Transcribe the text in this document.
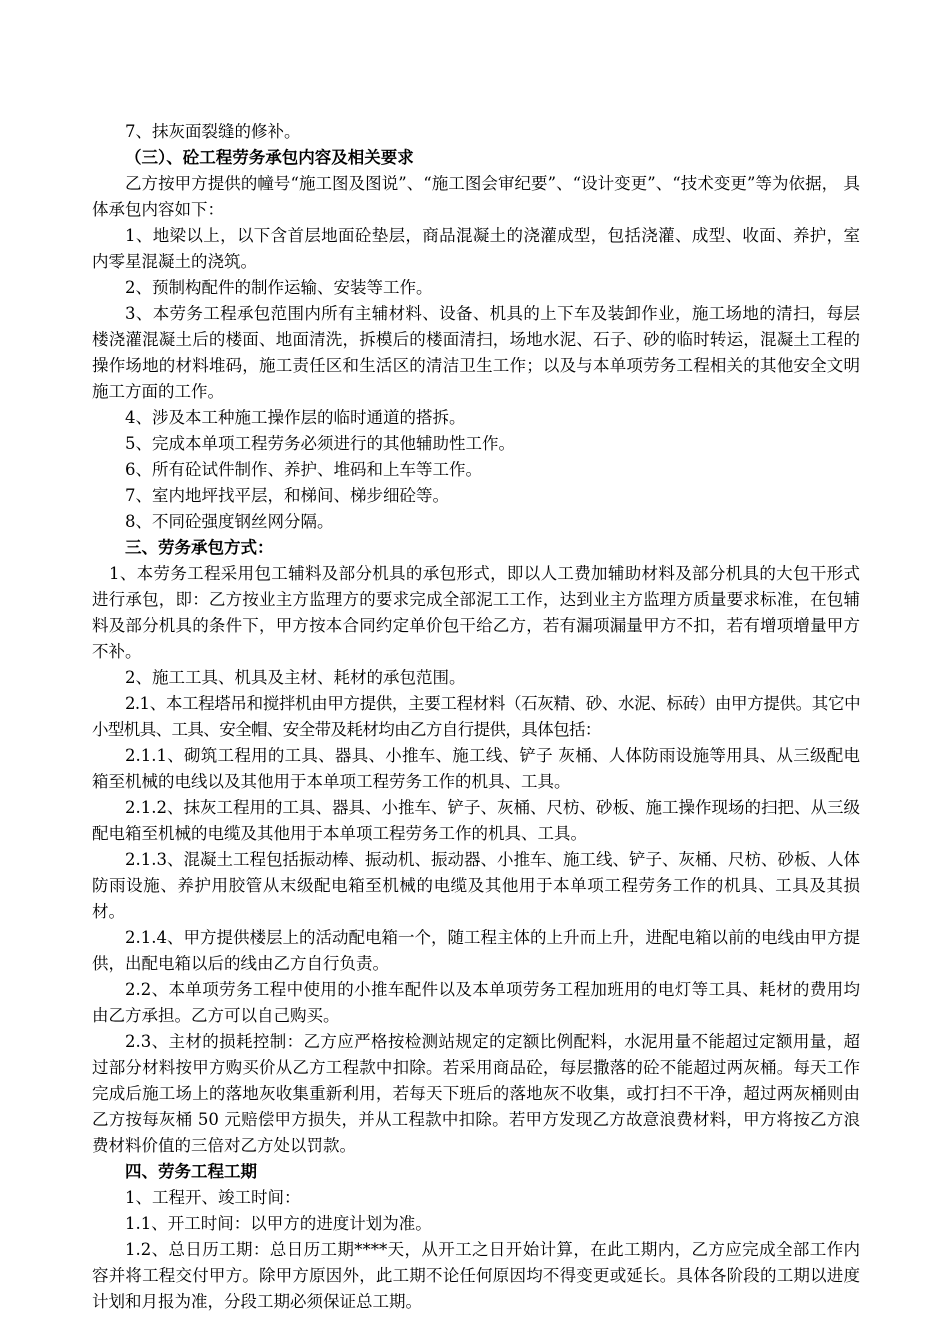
7、抹灰面裂缝的修补。

（三）、砼工程劳务承包内容及相关要求

乙方按甲方提供的幢号“施工图及图说”、“施工图会审纪要”、“设计变更”、“技术变更”等为依据， 具体承包内容如下：

1、地梁以上，以下含首层地面砼垫层，商品混凝土的浇灌成型，包括浇灌、成型、收面、养护，室内零星混凝土的浇筑。

2、预制构配件的制作运输、安装等工作。

3、本劳务工程承包范围内所有主辅材料、设备、机具的上下车及装卸作业，施工场地的清扫，每层楼浇灌混凝土后的楼面、地面清洗，拆模后的楼面清扫，场地水泥、石子、砂的临时转运，混凝土工程的操作场地的材料堆码，施工责任区和生活区的清洁卫生工作；以及与本单项劳务工程相关的其他安全文明施工方面的工作。

4、涉及本工种施工操作层的临时通道的搭拆。

5、完成本单项工程劳务必须进行的其他辅助性工作。

6、所有砼试件制作、养护、堆码和上车等工作。

7、室内地坪找平层，和梯间、梯步细砼等。

8、不同砼强度钢丝网分隔。

三、劳务承包方式：

1、本劳务工程采用包工辅料及部分机具的承包形式，即以人工费加辅助材料及部分机具的大包干形式进行承包，即：乙方按业主方监理方的要求完成全部泥工工作，达到业主方监理方质量要求标准，在包辅料及部分机具的条件下，甲方按本合同约定单价包干给乙方，若有漏项漏量甲方不扣，若有增项增量甲方不补。

2、施工工具、机具及主材、耗材的承包范围。

2.1、本工程塔吊和搅拌机由甲方提供，主要工程材料（石灰精、砂、水泥、标砖）由甲方提供。其它中小型机具、工具、安全帽、安全带及耗材均由乙方自行提供，具体包括：

2.1.1、砌筑工程用的工具、器具、小推车、施工线、铲子 灰桶、人体防雨设施等用具、从三级配电箱至机械的电线以及其他用于本单项工程劳务工作的机具、工具。

2.1.2、抹灰工程用的工具、器具、小推车、铲子、灰桶、尺枋、砂板、施工操作现场的扫把、从三级配电箱至机械的电缆及其他用于本单项工程劳务工作的机具、工具。

2.1.3、混凝土工程包括振动棒、振动机、振动器、小推车、施工线、铲子、灰桶、尺枋、砂板、人体防雨设施、养护用胶管从末级配电箱至机械的电缆及其他用于本单项工程劳务工作的机具、工具及其损材。

2.1.4、甲方提供楼层上的活动配电箱一个，随工程主体的上升而上升，进配电箱以前的电线由甲方提供，出配电箱以后的线由乙方自行负责。

2.2、本单项劳务工程中使用的小推车配件以及本单项劳务工程加班用的电灯等工具、耗材的费用均由乙方承担。乙方可以自己购买。

2.3、主材的损耗控制：乙方应严格按检测站规定的定额比例配料，水泥用量不能超过定额用量，超过部分材料按甲方购买价从乙方工程款中扣除。若采用商品砼，每层撒落的砼不能超过两灰桶。每天工作完成后施工场上的落地灰收集重新利用，若每天下班后的落地灰不收集，或打扫不干净，超过两灰桶则由乙方按每灰桶 50 元赔偿甲方损失，并从工程款中扣除。若甲方发现乙方故意浪费材料，甲方将按乙方浪费材料价值的三倍对乙方处以罚款。

四、劳务工程工期

1、工程开、竣工时间：

1.1、开工时间：以甲方的进度计划为准。

1.2、总日历工期：总日历工期****天，从开工之日开始计算，在此工期内，乙方应完成全部工作内容并将工程交付甲方。除甲方原因外，此工期不论任何原因均不得变更或延长。具体各阶段的工期以进度计划和月报为准，分段工期必须保证总工期。
